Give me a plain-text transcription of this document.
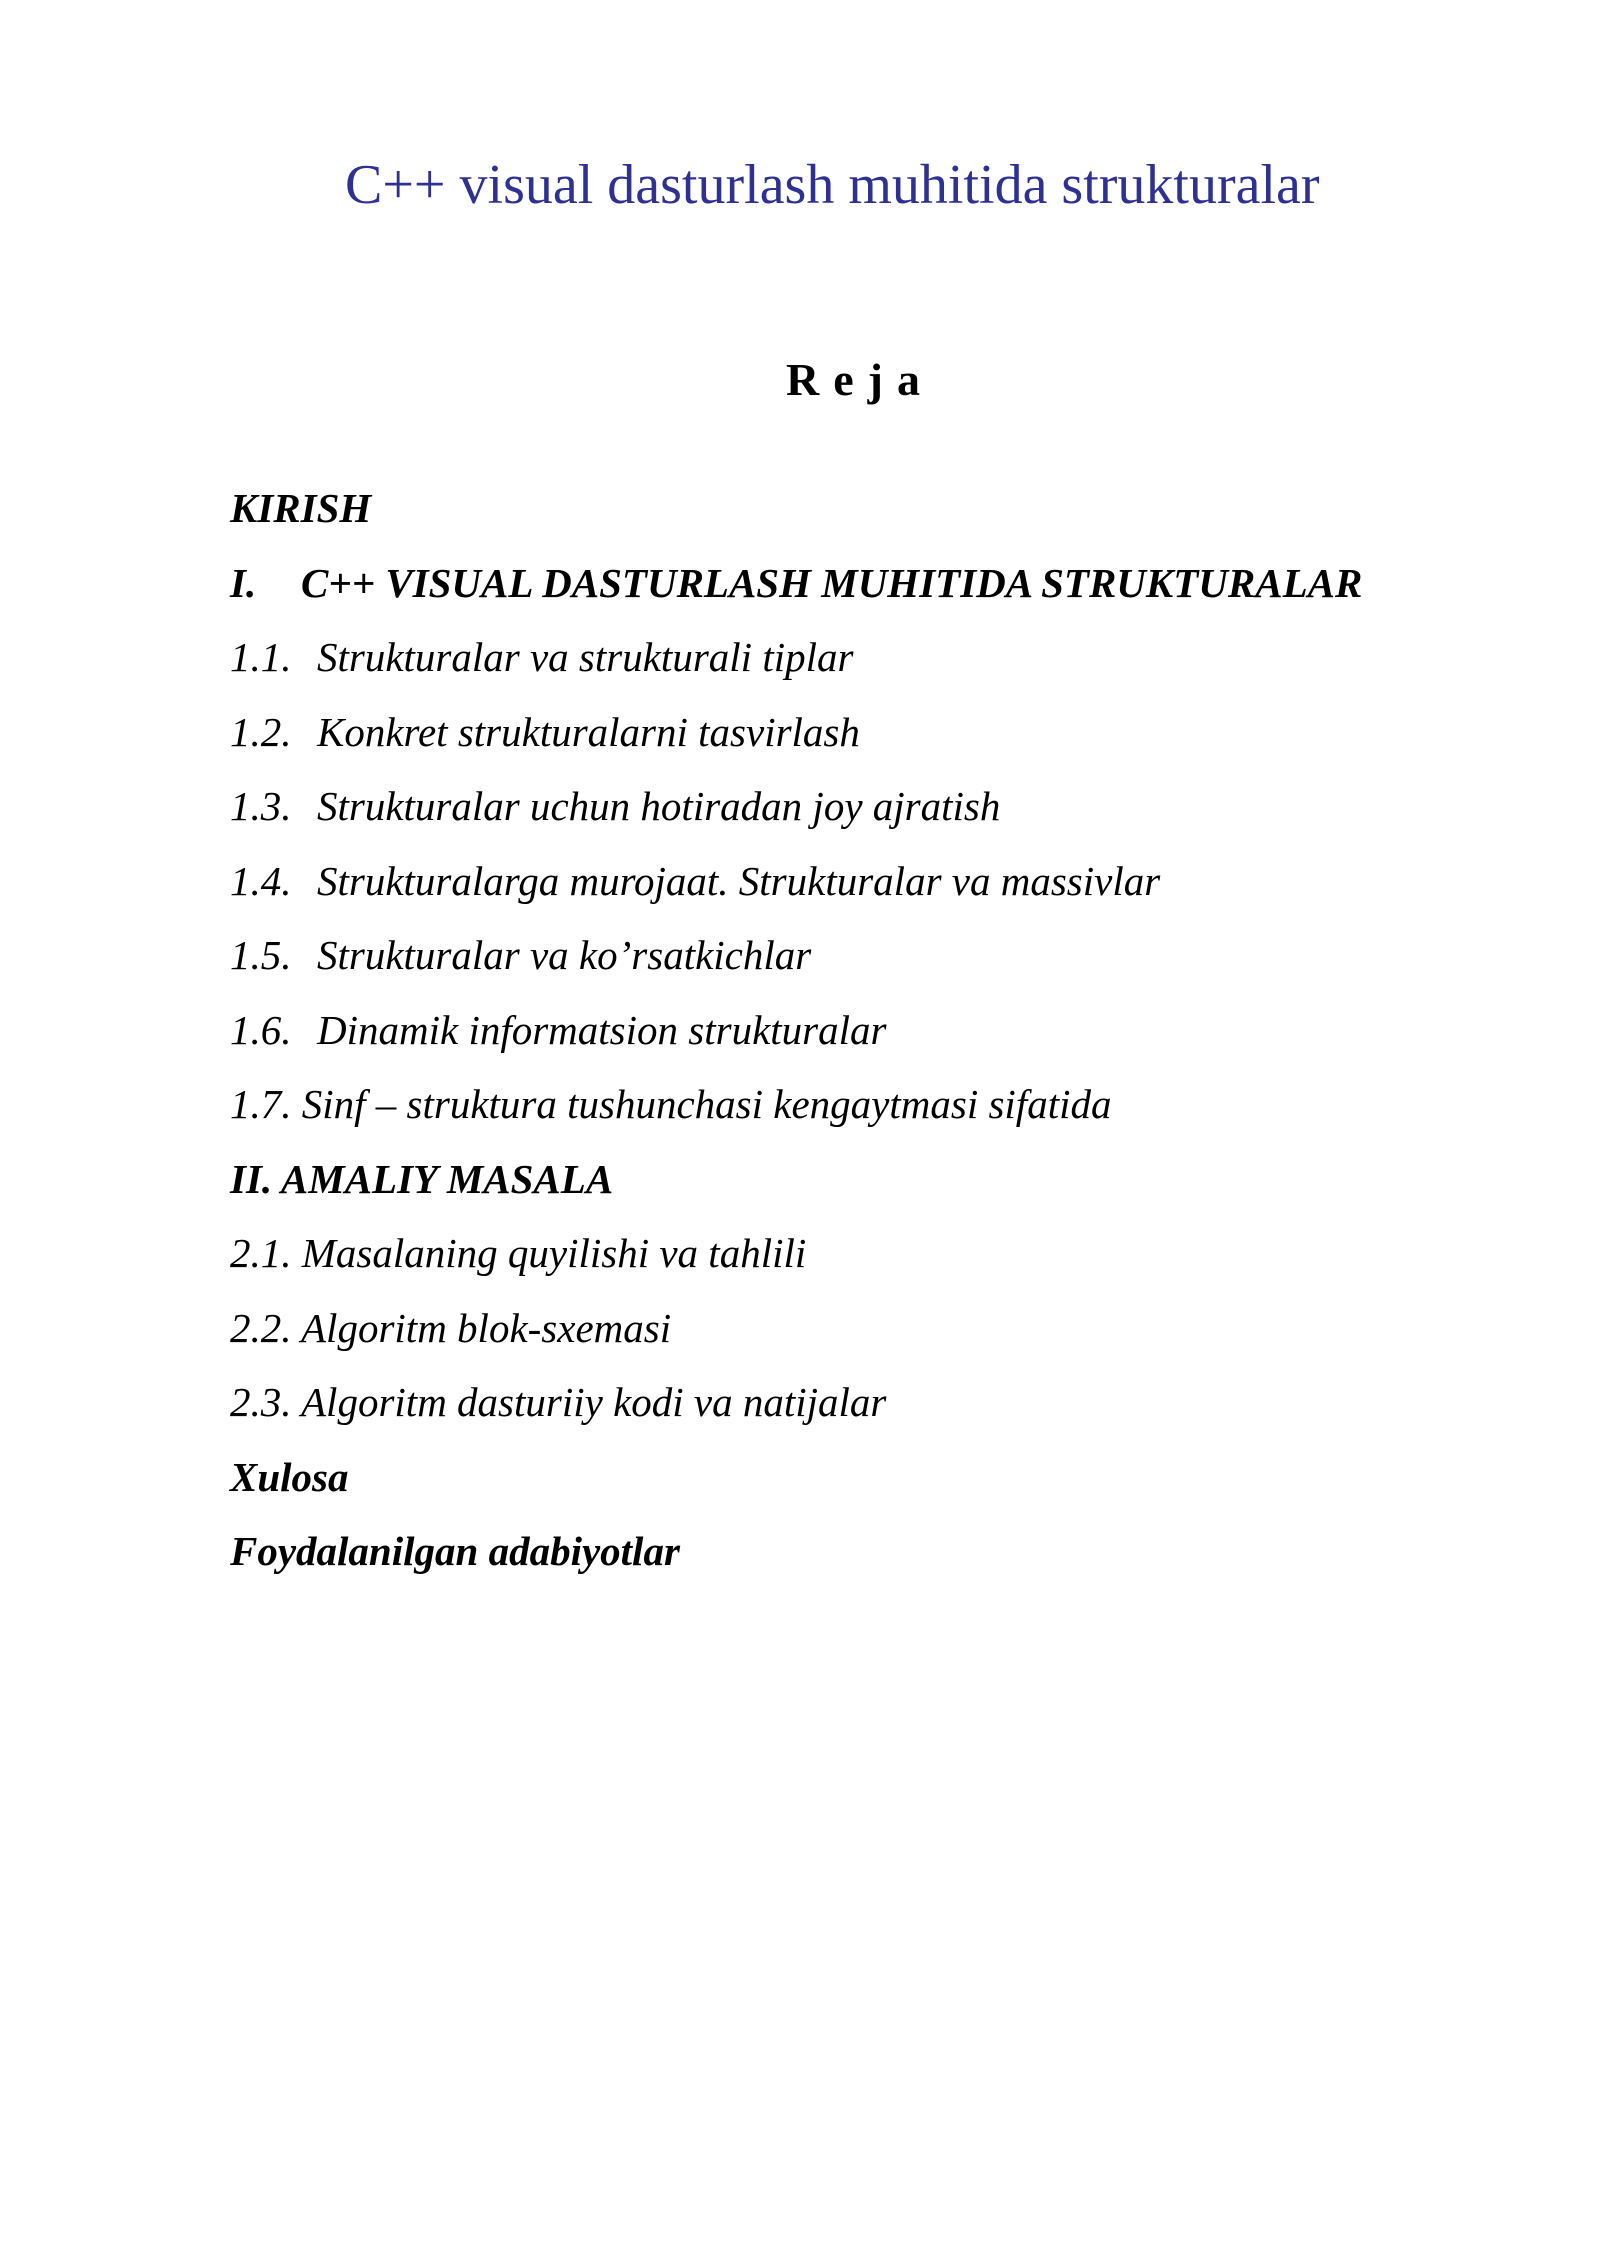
C++ visual dasturlash muhitida strukturalar
Reja
KIRISH
I. C++ VISUAL DASTURLASH MUHITIDA STRUKTURALAR
1.1. Strukturalar va strukturali tiplar
1.2. Konkret strukturalarni tasvirlash
1.3. Strukturalar uchun hotiradan joy ajratish
1.4. Strukturalarga murojaat. Strukturalar va massivlar
1.5. Strukturalar va ko’rsatkichlar
1.6. Dinamik informatsion strukturalar
1.7. Sinf – struktura tushunchasi kengaytmasi sifatida
II. AMALIY MASALA
2.1. Masalaning quyilishi va tahlili
2.2. Algoritm blok-sxemasi
2.3. Algoritm dasturiiy kodi va natijalar
Xulosa
Foydalanilgan adabiyotlar
